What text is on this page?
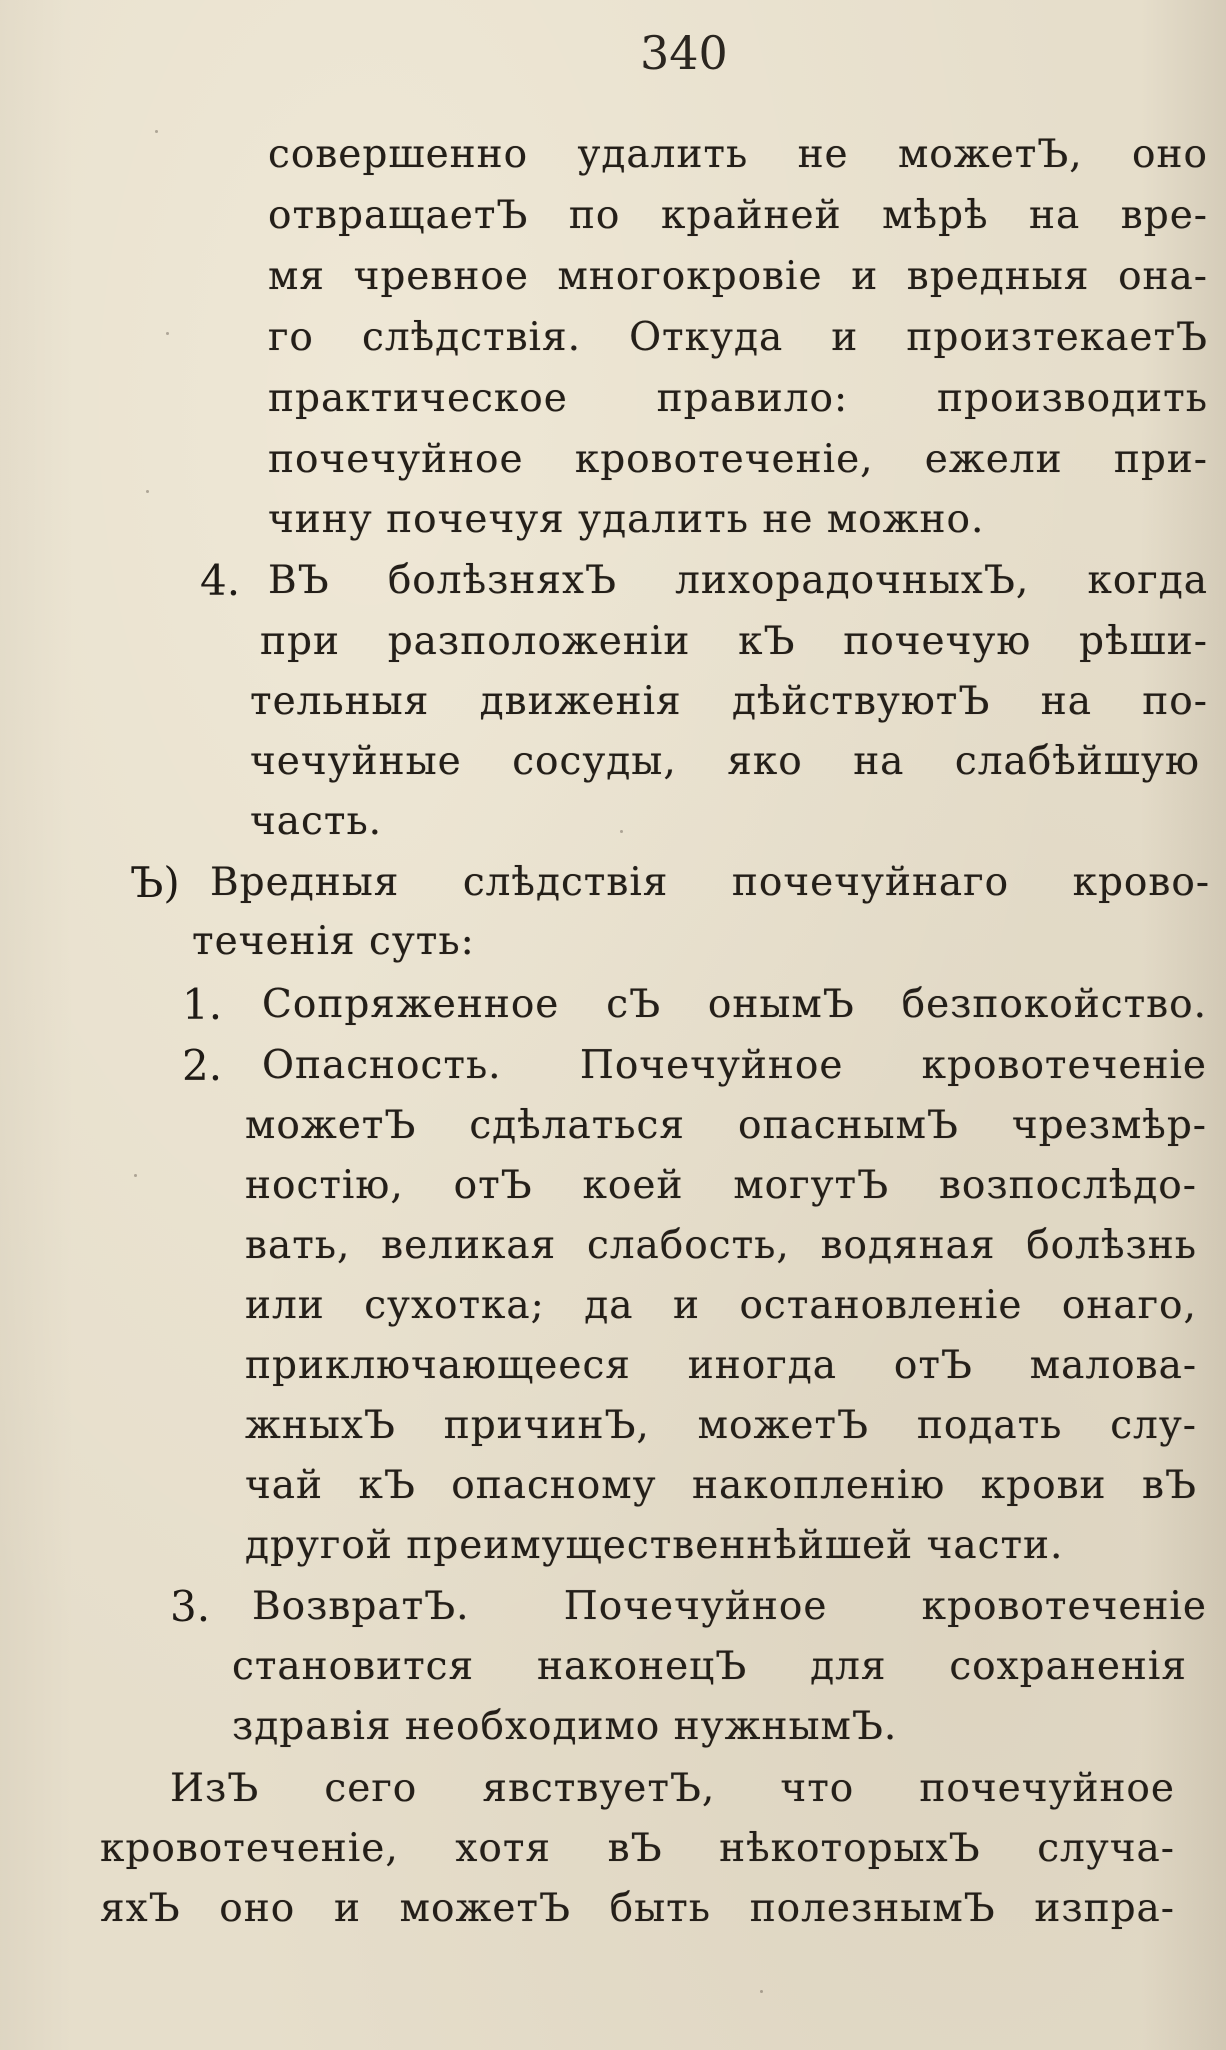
340
совершенно удалить не можетЪ, оно
отвращаетЪ по крайней мѣрѣ на вре-
мя чревное многокровіе и вредныя она-
го слѣдствія. Откуда и произтекаетЪ
практическое правило: производить
почечуйное кровотеченіе, ежели при-
чину почечуя удалить не можно.
4. ВЪ болѣзняхЪ лихорадочныхЪ, когда
при разположеніи кЪ почечую рѣши-
тельныя движенія дѣйствуютЪ на по-
чечуйные сосуды, яко на слабѣйшую
часть.
Ъ) Вредныя слѣдствія почечуйнаго крово-
теченія суть:
1. Сопряженное сЪ онымЪ безпокойство.
2. Опасность. Почечуйное кровотеченіе
можетЪ сдѣлаться опаснымЪ чрезмѣр-
ностію, отЪ коей могутЪ возпослѣдо-
вать, великая слабость, водяная болѣзнь
или сухотка; да и остановленіе онаго,
приключающееся иногда отЪ малова-
жныхЪ причинЪ, можетЪ подать слу-
чай кЪ опасному накопленію крови вЪ
другой преимущественнѣйшей части.
3. ВозвратЪ. Почечуйное кровотеченіе
становится наконецЪ для сохраненія
здравія необходимо нужнымЪ.
ИзЪ сего явствуетЪ, что почечуйное
кровотеченіе, хотя вЪ нѣкоторыхЪ случа-
яхЪ оно и можетЪ быть полезнымЪ изпра-
